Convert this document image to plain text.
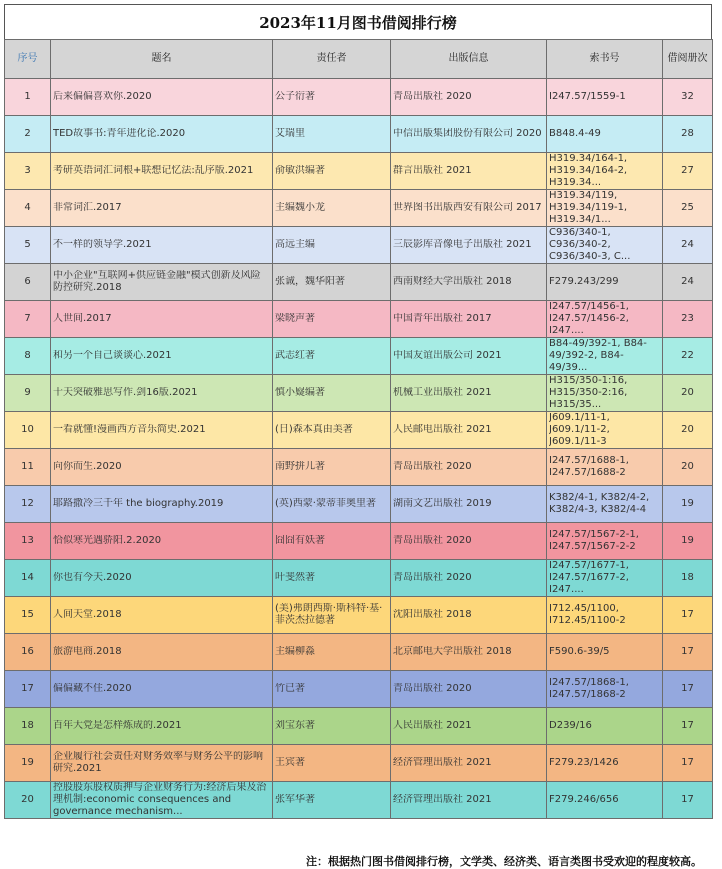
2023年11月图书借阅排行榜
序号	题名	责任者	出版信息	索书号	借阅册次

1	后来偏偏喜欢你.2020	公子衍著	青岛出版社 2020	I247.57/1559-1	32

2	TED故事书:青年进化论.2020	艾瑞里	中信出版集团股份有限公司 2020	B848.4-49	28

3	考研英语词汇词根+联想记忆法:乱序版.2021	俞敏洪编著	群言出版社 2021	H319.34/164-1, H319.34/164-2, H319.34...	27

4	非常词汇.2017	主编魏小龙	世界图书出版西安有限公司 2017	H319.34/119, H319.34/119-1, H319.34/1...	25

5	不一样的领导学.2021	高远主编	三辰影库音像电子出版社 2021	C936/340-1, C936/340-2, C936/340-3, C...	24

6	中小企业"互联网+供应链金融"模式创新及风险防控研究.2018	张诚，魏华阳著	西南财经大学出版社 2018	F279.243/299	24

7	人世间.2017	梁晓声著	中国青年出版社 2017	I247.57/1456-1, I247.57/1456-2, I247....	23

8	和另一个自己谈谈心.2021	武志红著	中国友谊出版公司 2021	B84-49/392-1, B84-49/392-2, B84-49/39...	22

9	十天突破雅思写作.剑16版.2021	慎小嶷编著	机械工业出版社 2021	H315/350-1:16, H315/350-2:16, H315/35...	20

10	一看就懂!漫画西方音乐简史.2021	(日)森本真由美著	人民邮电出版社 2021	J609.1/11-1, J609.1/11-2, J609.1/11-3	20

11	向你而生.2020	南野拼儿著	青岛出版社 2020	I247.57/1688-1, I247.57/1688-2	20

12	耶路撒冷三千年 the biography.2019	(英)西蒙·蒙蒂菲奥里著	湖南文艺出版社 2019	K382/4-1, K382/4-2, K382/4-3, K382/4-4	19

13	恰似寒光遇骄阳.2.2020	囧囧有妖著	青岛出版社 2020	I247.57/1567-2-1, I247.57/1567-2-2	19

14	你也有今天.2020	叶斐然著	青岛出版社 2020	I247.57/1677-1, I247.57/1677-2, I247....	18

15	人间天堂.2018	(美)弗朗西斯·斯科特·基·菲茨杰拉德著	沈阳出版社 2018	I712.45/1100, I712.45/1100-2	17

16	旅游电商.2018	主编柳淼	北京邮电大学出版社 2018	F590.6-39/5	17

17	偏偏藏不住.2020	竹已著	青岛出版社 2020	I247.57/1868-1, I247.57/1868-2	17

18	百年大党是怎样炼成的.2021	刘宝东著	人民出版社 2021	D239/16	17

19	企业履行社会责任对财务效率与财务公平的影响研究.2021	王宾著	经济管理出版社 2021	F279.23/1426	17

20	控股股东股权质押与企业财务行为:经济后果及治理机制:economic consequences and governance mechanism...	张军华著	经济管理出版社 2021	F279.246/656	17
注：根据热门图书借阅排行榜，文学类、经济类、语言类图书受欢迎的程度较高。
